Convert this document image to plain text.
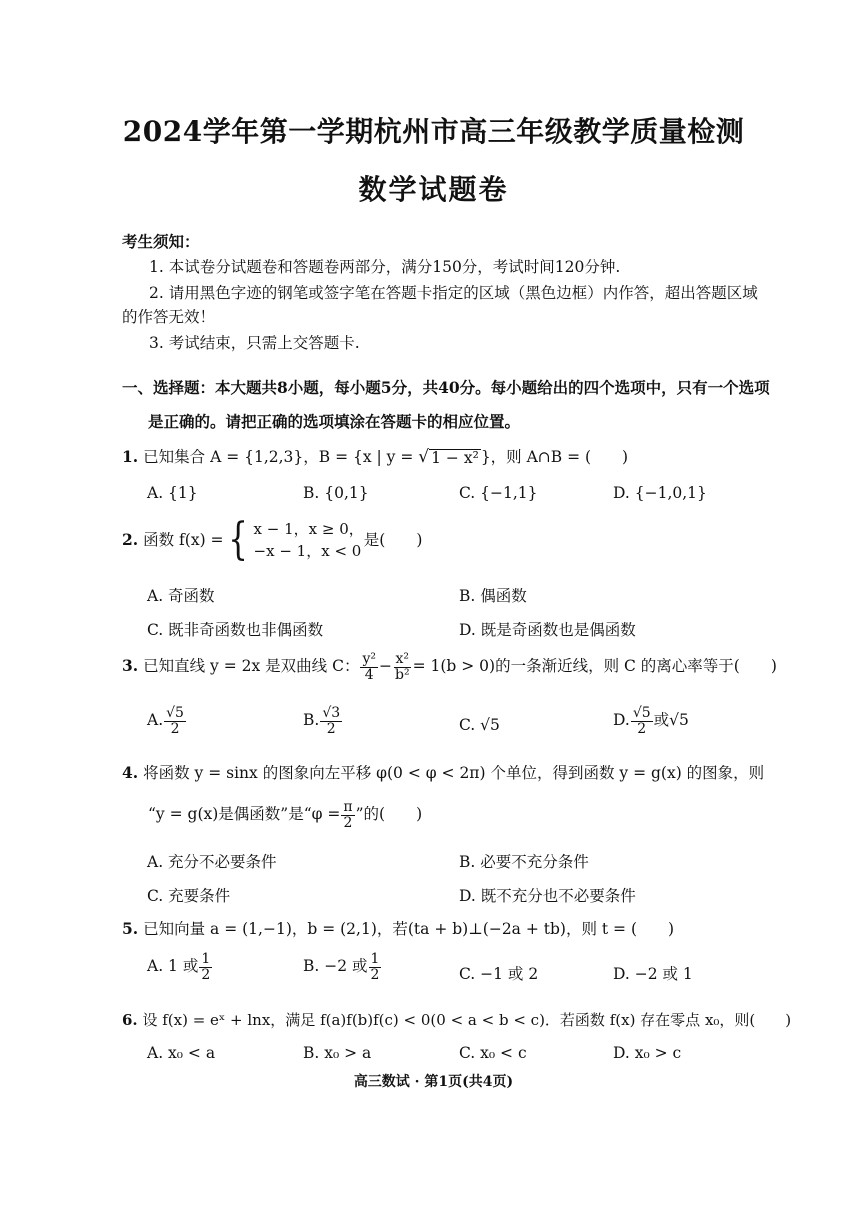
2024学年第一学期杭州市高三年级教学质量检测
数学试题卷
考生须知：
1. 本试卷分试题卷和答题卷两部分，满分150分，考试时间120分钟.
2. 请用黑色字迹的钢笔或签字笔在答题卡指定的区域（黑色边框）内作答，超出答题区域
的作答无效！
3. 考试结束，只需上交答题卡.
一、选择题：本大题共8小题，每小题5分，共40分。每小题给出的四个选项中，只有一个选项
是正确的。请把正确的选项填涂在答题卡的相应位置。
1. 已知集合 A = {1,2,3}，B = {x | y = √ 1 − x² }，则 A∩B = (　　)
A. {1}	B. {0,1}	C. {−1,1}	D. {−1,0,1}
2.
函数 f(x) = { x − 1，x ≥ 0，
−x − 1，x < 0
是(　　)
A. 奇函数	B. 偶函数
C. 既非奇函数也非偶函数	D. 既是奇函数也是偶函数
3. 已知直线 y = 2x 是双曲线 C： $\frac{\text{y²}}{4} - \frac{\text{x²}}{\text{b²}} = 1(b > 0)$的一条渐近线，则 C 的离心率等于(　　)
A. $\frac{√5}{2}$	B. $\frac{√3}{2}$	C. √5	D. $\frac{√5}{2}$ 或√5
4. 将函数 y = sinx 的图象向左平移 φ(0 < φ < 2π) 个单位，得到函数 y = g(x) 的图象，则
“y = g(x)是偶函数”是“$\varphi = \frac{\pi}{2}$ ”的(　　)
A. 充分不必要条件	B. 必要不充分条件
C. 充要条件	D. 既不充分也不必要条件
5. 已知向量 a = (1,−1)，b = (2,1)，若(ta + b)⊥(−2a + tb)，则 t = (　　)
A. 1 或 $\frac{1}{2}$	B. −2 或 $\frac{1}{2}$	C. −1 或 2	D. −2 或 1
6. 设 f(x) = eˣ + lnx，满足 f(a)f(b)f(c) < 0(0 < a < b < c)．若函数 f(x) 存在零点 x₀，则(　　)
A. x₀ < a	B. x₀ > a	C. x₀ < c	D. x₀ > c
高三数试 · 第1页(共4页)
